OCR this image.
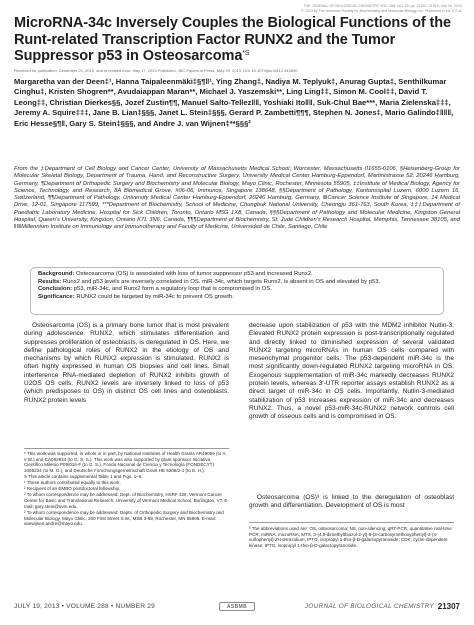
THE JOURNAL OF BIOLOGICAL CHEMISTRY VOL. 288, NO. 29, pp. 21307–21319, July 19, 2013
© 2013 by The American Society for Biochemistry and Molecular Biology, Inc. Published in the U.S.A.
MicroRNA-34c Inversely Couples the Biological Functions of the Runt-related Transcription Factor RUNX2 and the Tumor Suppressor p53 in Osteosarcoma$^{*S}$
Received for publication, December 21, 2012, and in revised form, May 17, 2013 Published, JBC Papers in Press, May 29, 2013, DOI 10.1074/jbc.M112.445890
Margaretha van der Deen‡¹, Hanna Taipaleenmäki‡§¶‖¹, Ying Zhang‡, Nadiya M. Teplyuk‡, Anurag Gupta‡, Senthilkumar Cinghu‡, Kristen Shogren**, Avudaiappan Maran**, Michael J. Yaszemski**, Ling Ling‡‡, Simon M. Cool‡‡, David T. Leong‡‡, Christian Dierkes§§, Jozef Zustin¶¶, Manuel Salto-Tellez‖‖, Yoshiaki Ito‖‖, Suk-Chul Bae***, Maria Zielenska‡‡‡, Jeremy A. Squire‡‡‡, Jane B. Lian‡§§§, Janet L. Stein‡§§§, Gerard P. Zambetti¶¶¶, Stephen N. Jones‡, Mario Galindo‡‖‖‖, Eric Hesse§¶‖, Gary S. Stein‡§§§, and Andre J. van Wijnen‡**§§§²
From the ‡Department of Cell Biology and Cancer Center, University of Massachusetts Medical School, Worcester, Massachusetts 01655-0106, §Heisenberg-Group for Molecular Skeletal Biology, Department of Trauma, Hand, and Reconstructive Surgery, University Medical Center Hamburg-Eppendorf, Martinistrasse 52, 20246 Hamburg, Germany, ¶Department of Orthopedic Surgery and Biochemistry and Molecular Biology, Mayo Clinic, Rochester, Minnesota 55905, ‡‡Institute of Medical Biology, Agency for Science, Technology, and Research, 8A Biomedical Grove, #06-06, Immunos, Singapore 138648, §§Department of Pathology, Kantonsspital Luzern, 6000 Luzern 16, Switzerland, ¶¶Department of Pathology, University Medical Center Hamburg-Eppendorf, 20246 Hamburg, Germany, ‖‖Cancer Science Institute of Singapore, 14 Medical Drive, 12-01, Singapore 117599, ***Department of Biochemistry, School of Medicine, Chungbuk National University, Cheongju 361-763, South Korea, ‡‡‡Department of Paediatric Laboratory Medicine, Hospital for Sick Children, Toronto, Ontario M5G 1X8, Canada, §§§Department of Pathology and Molecular Medicine, Kingston General Hospital, Queen's University, Kingston, Ontario K7L 3N6, Canada, ¶¶¶Department of Biochemistry, St. Jude Children's Research Hospital, Memphis, Tennessee 38105, and ‖‖‖Millennium Institute on Immunology and Immunotherapy and Faculty of Medicine, Universidad de Chile, Santiago, Chile
Background: Osteosarcoma (OS) is associated with loss of tumor suppressor p53 and increased Runx2.
Results: Runx2 and p53 levels are inversely correlated in OS. miR-34c, which targets Runx2, is absent in OS and elevated by p53.
Conclusion: p53, miR-34c, and Runx2 form a regulatory loop that is compromised in OS.
Significance: RUNX2 could be targeted by miR-34c to prevent OS growth.

Osteosarcoma (OS) is a primary bone tumor that is most prevalent during adolescence. RUNX2, which stimulates differentiation and suppresses proliferation of osteoblasts, is deregulated in OS. Here, we define pathological roles of RUNX2 in the etiology of OS and mechanisms by which RUNX2 expression is stimulated. RUNX2 is often highly expressed in human OS biopsies and cell lines. Small interference RNA-mediated depletion of RUNX2 inhibits growth of U2OS OS cells. RUNX2 levels are inversely linked to loss of p53 (which predisposes to OS) in distinct OS cell lines and osteoblasts. RUNX2 protein levels

decrease upon stabilization of p53 with the MDM2 inhibitor Nutlin-3. Elevated RUNX2 protein expression is post-transcriptionally regulated and directly linked to diminished expression of several validated RUNX2 targeting microRNAs in human OS cells compared with mesenchymal progenitor cells. The p53-dependent miR-34c is the most significantly down-regulated RUNX2 targeting microRNA in OS. Exogenous supplementation of miR-34c markedly decreases RUNX2 protein levels, whereas 3′-UTR reporter assays establish RUNX2 as a direct target of miR-34c in OS cells. Importantly, Nutlin-3-mediated stabilization of p53 increases expression of miR-34c and decreases RUNX2. Thus, a novel p53-miR-34c-RUNX2 network controls cell growth of osseous cells and is compromised in OS.

* This work was supported, in whole or in part, by National Institutes of Health Grants AR49069 (to A. v-W.) and CA082834 (to G. S. S.). This work was also supported by grant sponsors Iniciativa Científico Milenio P09/016-F (to G. S.), Fondo Nacional de Ciencia y Tecnología (FONDECYT) 1095234 (to M. G.), and Deutsche Forschungsgemeinschaft Grant HE 5208/2-1 (to E. H.).

S This article contains supplemental Table 1 and Figs. 1–6.

¹ These authors contributed equally to this work.

² Recipient of an EMBO postdoctoral fellowship.

² To whom correspondence may be addressed: Dept. of Biochemistry, HSRF 326, Vermont Cancer Center for Basic and Translational Research, University of Vermont Medical School, Burlington, VT. E-mail: gary.stein@uvm.edu.

² To whom correspondence may be addressed: Depts. of Orthopedic Surgery and Biochemistry and Molecular Biology, Mayo Clinic, 200 First Street S.W., MSB 3-69, Rochester, MN 55905. E-mail: vanwijnen.andre@mayo.edu.

Osteosarcoma (OS)³ is linked to the deregulation of osteoblast growth and differentiation. Development of OS is most

³ The abbreviations used are: OS, osteosarcoma; NS, non-silencing; qRT-PCR, quantitative real-time PCR; miRNA, microRNA; MTS, 3-(4,5-dimethylthiazol-2-yl)-5-(3-carboxymethoxyphenyl)-2-(4-sulfophenyl)-2H-tetrazolium; IPTG, isopropyl 1-thio-β-D-galactopyranoside; CDK, cyclin-dependent kinase; IPTG, isopropyl 1-thio-β-D-galactopyranoside.
JULY 19, 2013 • VOLUME 288 • NUMBER 29	ASBMB	JOURNAL OF BIOLOGICAL CHEMISTRY 21307
